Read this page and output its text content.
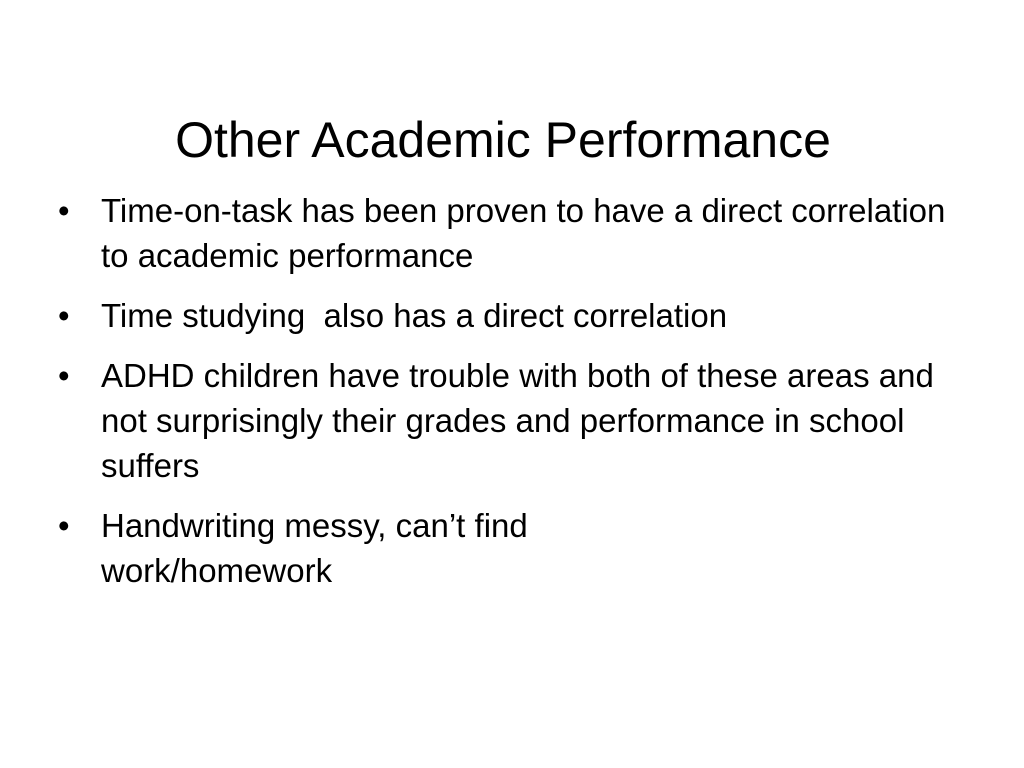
Other Academic Performance
• Time-on-task has been proven to have a direct correlation to academic performance
• Time studying  also has a direct correlation
• ADHD children have trouble with both of these areas and not surprisingly their grades and performance in school suffers
• Handwriting messy, can’t find work/homework
